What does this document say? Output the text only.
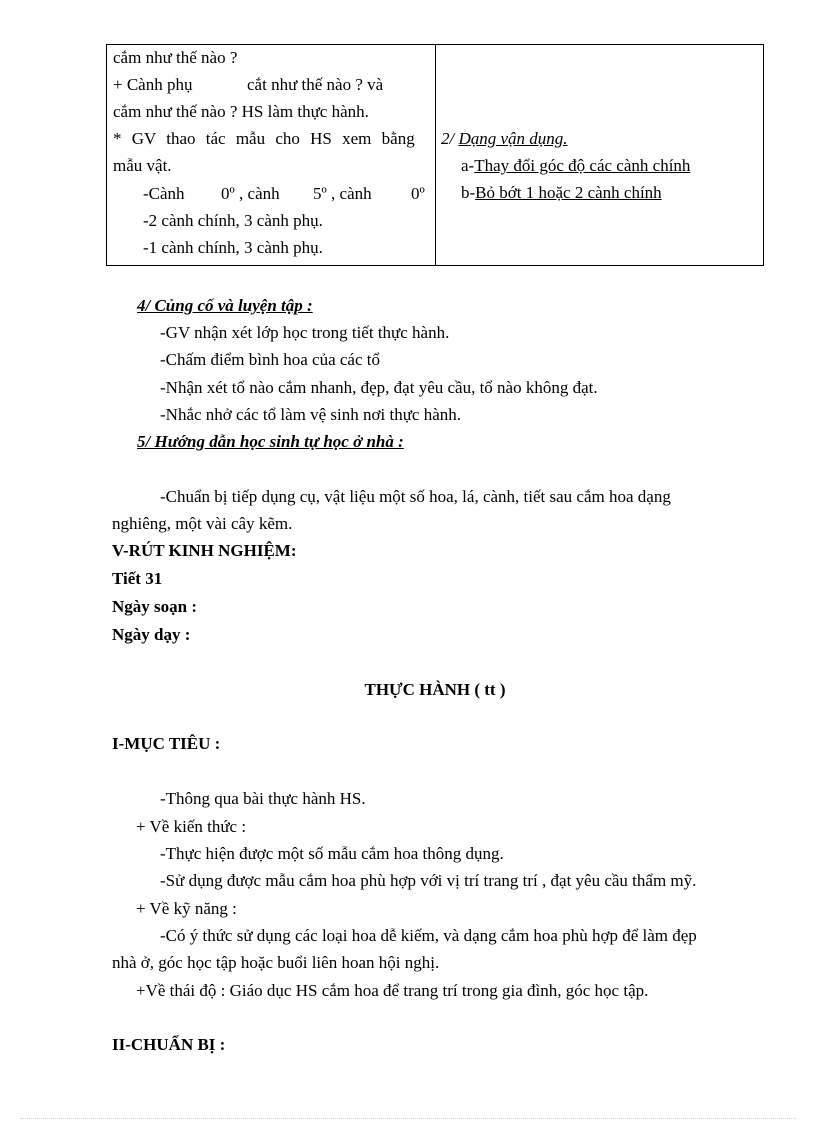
cắm như thế nào ?
+ Cành phụ	cắt như thế nào ? và
cắm như thế nào ? HS làm thực hành.
* GV thao tác mẫu cho HS xem bằng
mẫu vật.
-Cành 0º , cành 5º , cành 0º
-2 cành chính, 3 cành phụ.
-1 cành chính, 3 cành phụ.
2/ Dạng vận dụng.
a-Thay đổi góc độ các cành chính
b-Bỏ bớt 1 hoặc 2 cành chính
4/ Củng cố và luyện tập :
-GV nhận xét lớp học trong tiết thực hành.
-Chấm điểm bình hoa của các tổ
-Nhận xét tổ nào cắm nhanh, đẹp, đạt yêu cầu, tổ nào không đạt.
-Nhắc nhở các tổ làm vệ sinh nơi thực hành.
5/ Hướng dẫn học sinh tự học ở nhà :
-Chuẩn bị tiếp dụng cụ, vật liệu một số hoa, lá, cành, tiết sau cắm hoa dạng
nghiêng, một vài cây kẽm.
V-RÚT KINH NGHIỆM:
Tiết 31
Ngày soạn :
Ngày dạy :
THỰC HÀNH ( tt )
I-MỤC TIÊU :
-Thông qua bài thực hành HS.
+ Về kiến thức :
-Thực hiện được một số mẫu cắm hoa thông dụng.
-Sử dụng được mẫu cắm hoa phù hợp với vị trí trang trí , đạt yêu cầu thẩm mỹ.
+ Về kỹ năng :
-Có ý thức sử dụng các loại hoa dễ kiếm, và dạng cắm hoa phù hợp để làm đẹp
nhà ở, góc học tập hoặc buổi liên hoan hội nghị.
+Về thái độ : Giáo dục HS cắm hoa để trang trí trong gia đình, góc học tập.
II-CHUẨN BỊ :
